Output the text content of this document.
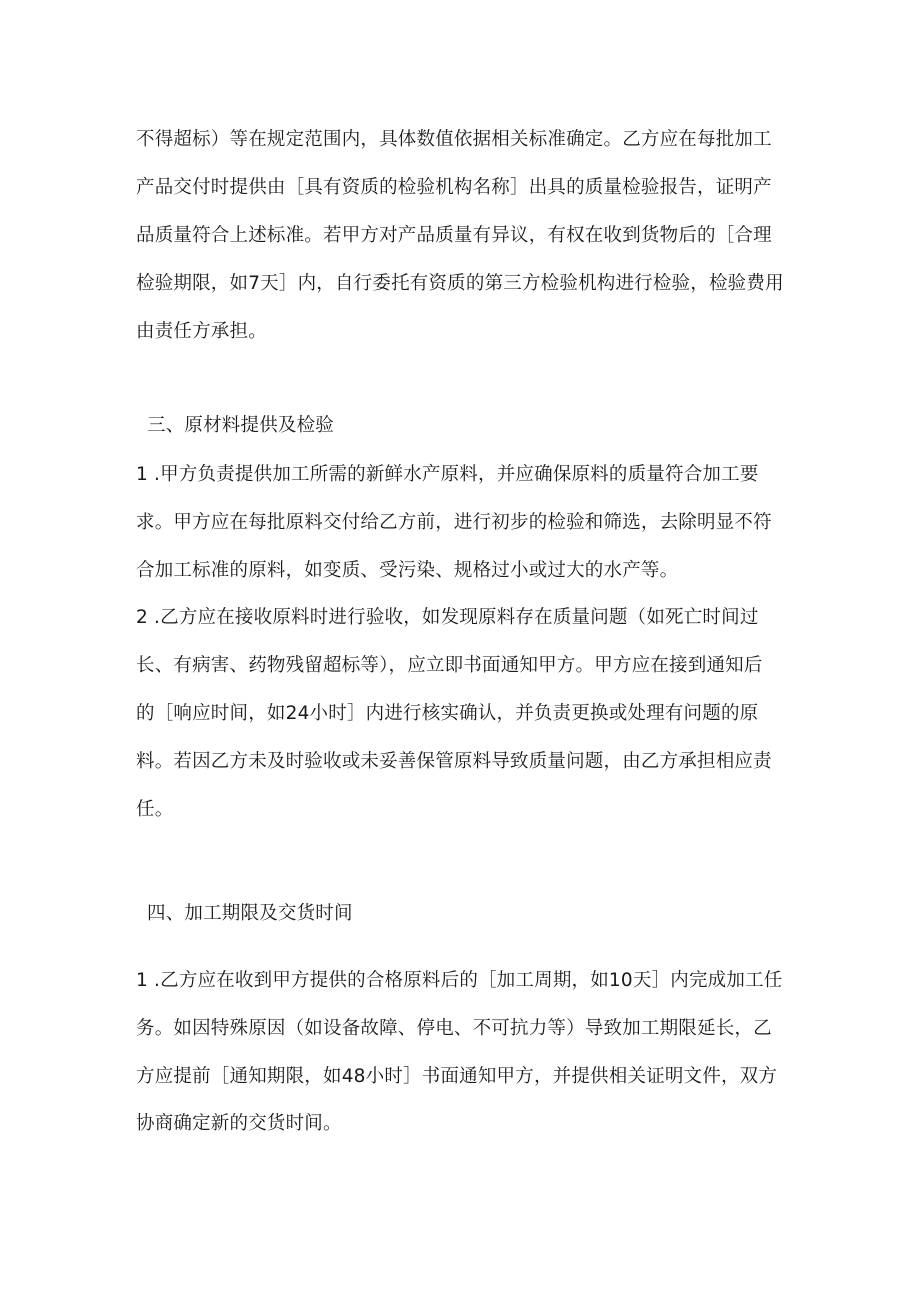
不得超标）等在规定范围内，具体数值依据相关标准确定。乙方应在每批加工
产品交付时提供由［具有资质的检验机构名称］出具的质量检验报告，证明产
品质量符合上述标准。若甲方对产品质量有异议，有权在收到货物后的［合理
检验期限，如7天］内，自行委托有资质的第三方检验机构进行检验，检验费用
由责任方承担。
三、原材料提供及检验
1 .甲方负责提供加工所需的新鲜水产原料，并应确保原料的质量符合加工要
求。甲方应在每批原料交付给乙方前，进行初步的检验和筛选，去除明显不符
合加工标准的原料，如变质、受污染、规格过小或过大的水产等。
2 .乙方应在接收原料时进行验收，如发现原料存在质量问题（如死亡时间过
长、有病害、药物残留超标等），应立即书面通知甲方。甲方应在接到通知后
的［响应时间，如24小时］内进行核实确认，并负责更换或处理有问题的原
料。若因乙方未及时验收或未妥善保管原料导致质量问题，由乙方承担相应责
任。
四、加工期限及交货时间
1 .乙方应在收到甲方提供的合格原料后的［加工周期，如10天］内完成加工任
务。如因特殊原因（如设备故障、停电、不可抗力等）导致加工期限延长，乙
方应提前［通知期限，如48小时］书面通知甲方，并提供相关证明文件，双方
协商确定新的交货时间。
